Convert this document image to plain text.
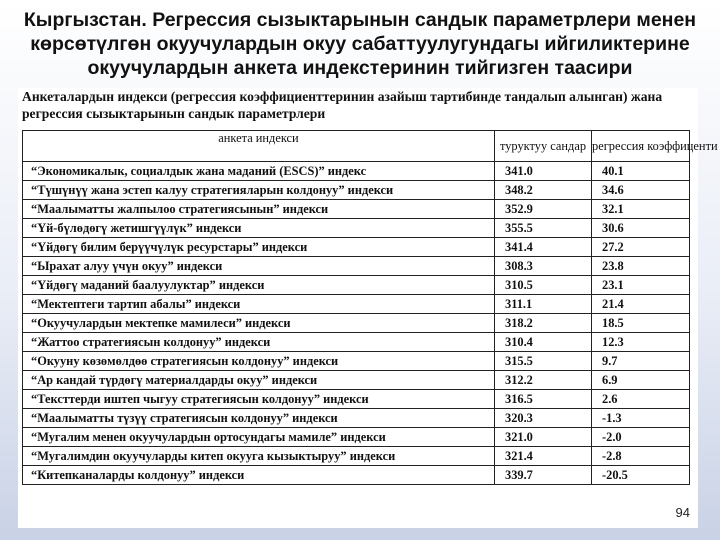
Кыргызстан. Регрессия сызыктарынын сандык параметрлери менен көрсөтүлгөн окуучулардын окуу сабаттуулугундагы ийгиликтерине окуучулардын анкета индекстеринин тийгизген таасири
Анкеталардын индекси (регрессия коэффициенттеринин азайыш тартибинде тандалып алынган) жана регрессия сызыктарынын сандык параметрлери
анкета индекси	туруктуу сандар	регрессия коэффиценти
“Экономикалык, социалдык жана маданий (ESCS)” индекс	341.0	40.1
“Түшүнүү жана эстеп калуу стратегияларын колдонуу” индекси	348.2	34.6
“Маалыматты жалпылоо стратегиясынын” индекси	352.9	32.1
“Үй-бүлөдөгү жетишгүүлүк” индекси	355.5	30.6
“Үйдөгү билим берүүчүлүк ресурстары” индекси	341.4	27.2
“Ырахат алуу үчүн окуу” индекси	308.3	23.8
“Үйдөгү маданий баалуулуктар” индекси	310.5	23.1
“Мектептеги тартип абалы” индекси	311.1	21.4
“Окуучулардын мектепке мамилеси” индекси	318.2	18.5
“Жаттоо стратегиясын колдонуу” индекси	310.4	12.3
“Окууну көзөмөлдөө стратегиясын колдонуу” индекси	315.5	9.7
“Ар кандай түрдөгү материалдарды окуу” индекси	312.2	6.9
“Тексттерди иштеп чыгуу стратегиясын колдонуу” индекси	316.5	2.6
“Маалыматты түзүү стратегиясын колдонуу” индекси	320.3	-1.3
“Мугалим менен окуучулардын ортосундагы мамиле” индекси	321.0	-2.0
“Мугалимдин окуучуларды китеп окууга кызыктыруу” индекси	321.4	-2.8
“Китепканаларды колдонуу” индекси	339.7	-20.5
94
